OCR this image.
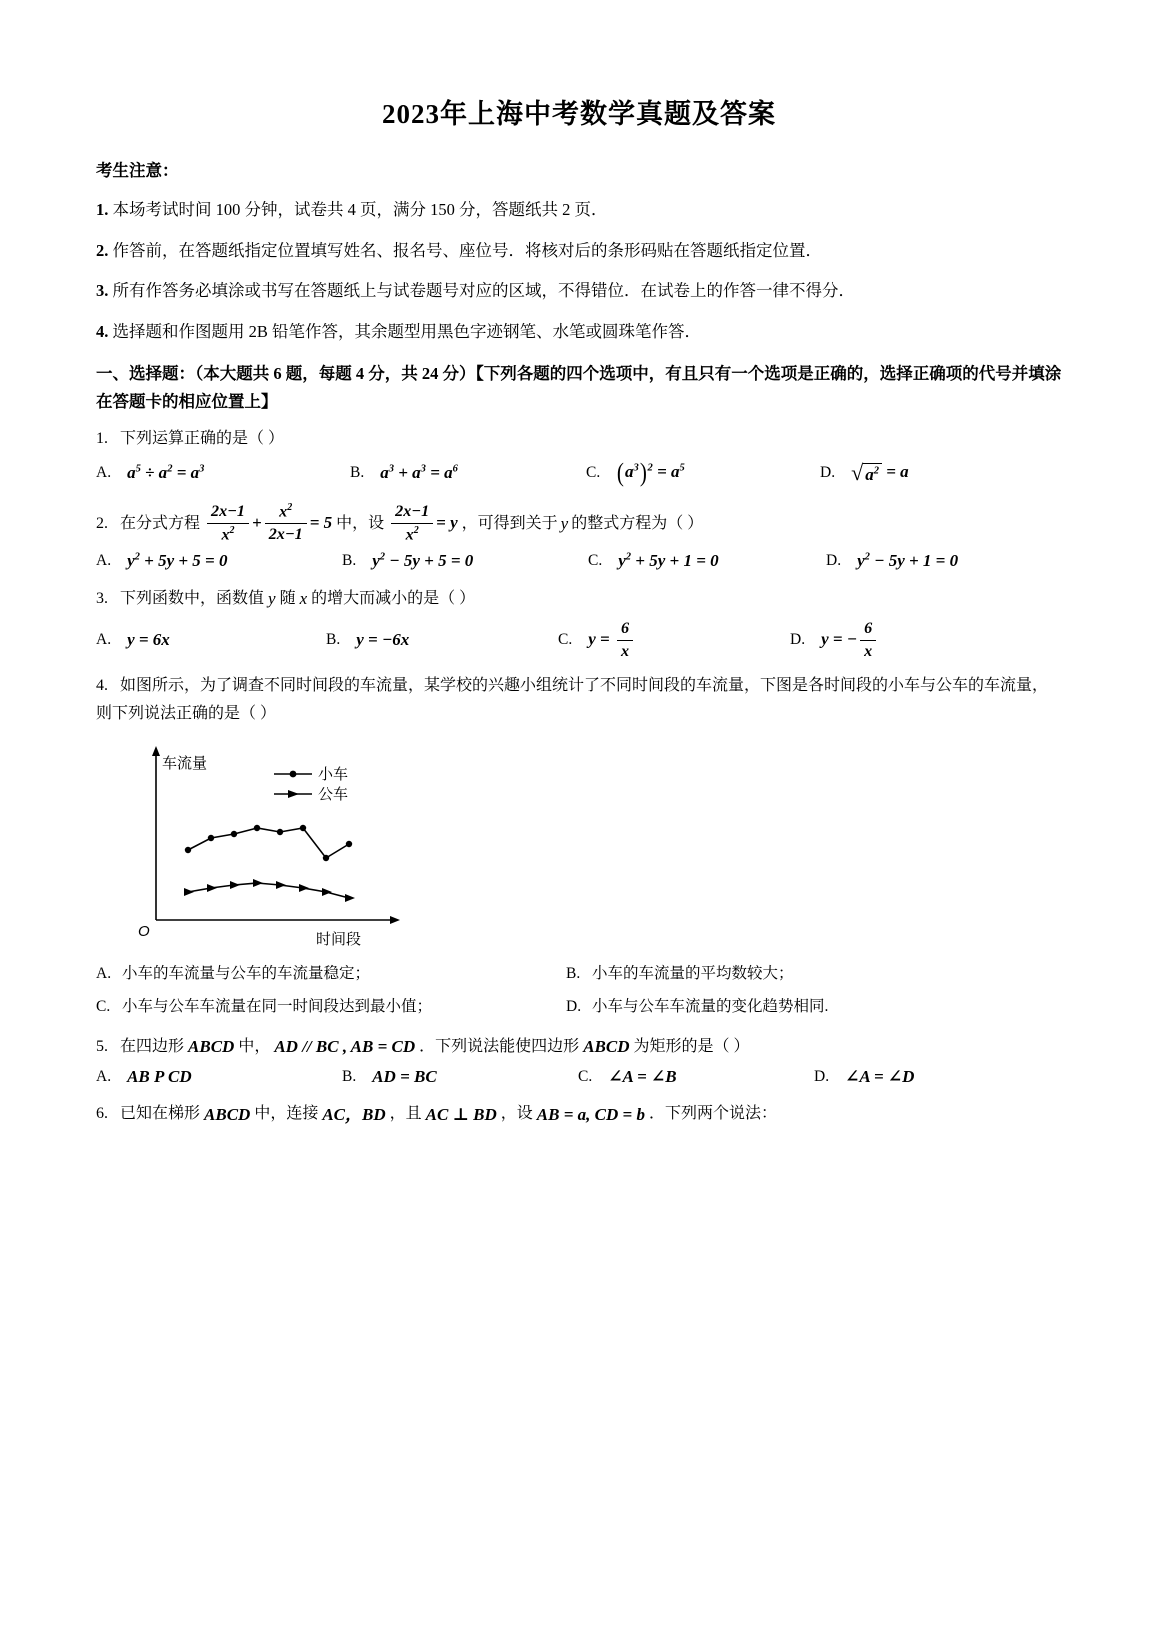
2023年上海中考数学真题及答案
考生注意：
1. 本场考试时间 100 分钟，试卷共 4 页，满分 150 分，答题纸共 2 页．
2. 作答前，在答题纸指定位置填写姓名、报名号、座位号．将核对后的条形码贴在答题纸指定位置．
3. 所有作答务必填涂或书写在答题纸上与试卷题号对应的区域，不得错位．在试卷上的作答一律不得分．
4. 选择题和作图题用 2B 铅笔作答，其余题型用黑色字迹钢笔、水笔或圆珠笔作答．
一、选择题：（本大题共 6 题，每题 4 分，共 24 分）【下列各题的四个选项中，有且只有一个选项是正确的，选择正确项的代号并填涂在答题卡的相应位置上】
1. 下列运算正确的是（ ）
A. $a^5 \div a^2 = a^3$	B. $a^3 + a^3 = a^6$	C. $(a^3)^2 = a^5$	D. √ $a^2 = a$
2. 在分式方程 $\frac{2x-1}{x^2} + \frac{x^2}{2x-1} = 5$ 中，设 $\frac{2x-1}{x^2} = y$ ，可得到关于 y 的整式方程为（ ）
A. $y^2 + 5y + 5 = 0$	B. $y^2 - 5y + 5 = 0$	C. $y^2 + 5y + 1 = 0$	D. $y^2 - 5y + 1 = 0$
3. 下列函数中，函数值 y 随 x 的增大而减小的是（ ）
A. y = 6x	B. y = −6x	C. $y = \frac{6}{x}$	D. y = − $\frac{6}{x}$
4. 如图所示，为了调查不同时间段的车流量，某学校的兴趣小组统计了不同时间段的车流量，下图是各时间段的小车与公车的车流量，则下列说法正确的是（ ）
车流量
时间段
O
小车
公车
A. 小车的车流量与公车的车流量稳定；	B. 小车的车流量的平均数较大；
C. 小车与公车车流量在同一时间段达到最小值；	D. 小车与公车车流量的变化趋势相同.
5. 在四边形 ABCD 中， AD // BC , AB = CD ．下列说法能使四边形 ABCD 为矩形的是（ ）
A. AB P CD	B. AD = BC	C. ∠A = ∠B	D. ∠A = ∠D
6. 已知在梯形 ABCD 中，连接 AC，BD ，且 AC ⊥ BD ，设 AB = a, CD = b ．下列两个说法：
